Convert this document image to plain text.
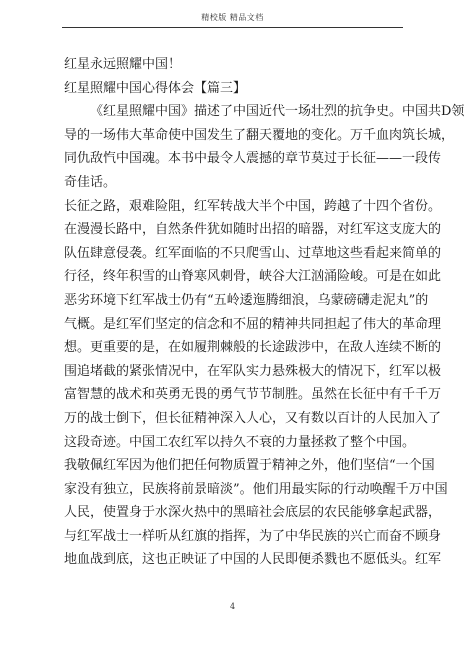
精校版 精品文档
红星永远照耀中国！
红星照耀中国心得体会【篇三】
《红星照耀中国》描述了中国近代一场壮烈的抗争史。中国共D领
导的一场伟大革命使中国发生了翻天覆地的变化。万千血肉筑长城，
同仇敌忾中国魂。本书中最令人震撼的章节莫过于长征——一段传
奇佳话。
长征之路，艰难险阻，红军转战大半个中国，跨越了十四个省份。
在漫漫长路中，自然条件犹如随时出招的暗器，对红军这支庞大的
队伍肆意侵袭。红军面临的不只爬雪山、过草地这些看起来简单的
行径，终年积雪的山脊寒风刺骨，峡谷大江汹涌险峻。可是在如此
恶劣环境下红军战士仍有“五岭逶迤腾细浪，乌蒙磅礴走泥丸”的
气概。是红军们坚定的信念和不屈的精神共同担起了伟大的革命理
想。更重要的是，在如履荆棘般的长途跋涉中，在敌人连续不断的
围追堵截的紧张情况中，在军队实力悬殊极大的情况下，红军以极
富智慧的战术和英勇无畏的勇气节节制胜。虽然在长征中有千千万
万的战士倒下，但长征精神深入人心，又有数以百计的人民加入了
这段奇迹。中国工农红军以持久不衰的力量拯救了整个中国。
我敬佩红军因为他们把任何物质置于精神之外，他们坚信“一个国
家没有独立，民族将前景暗淡”。他们用最实际的行动唤醒千万中国
人民，使置身于水深火热中的黑暗社会底层的农民能够拿起武器，
与红军战士一样听从红旗的指挥，为了中华民族的兴亡而奋不顾身
地血战到底，这也正映证了中国的人民即便杀戮也不愿低头。红军
4
